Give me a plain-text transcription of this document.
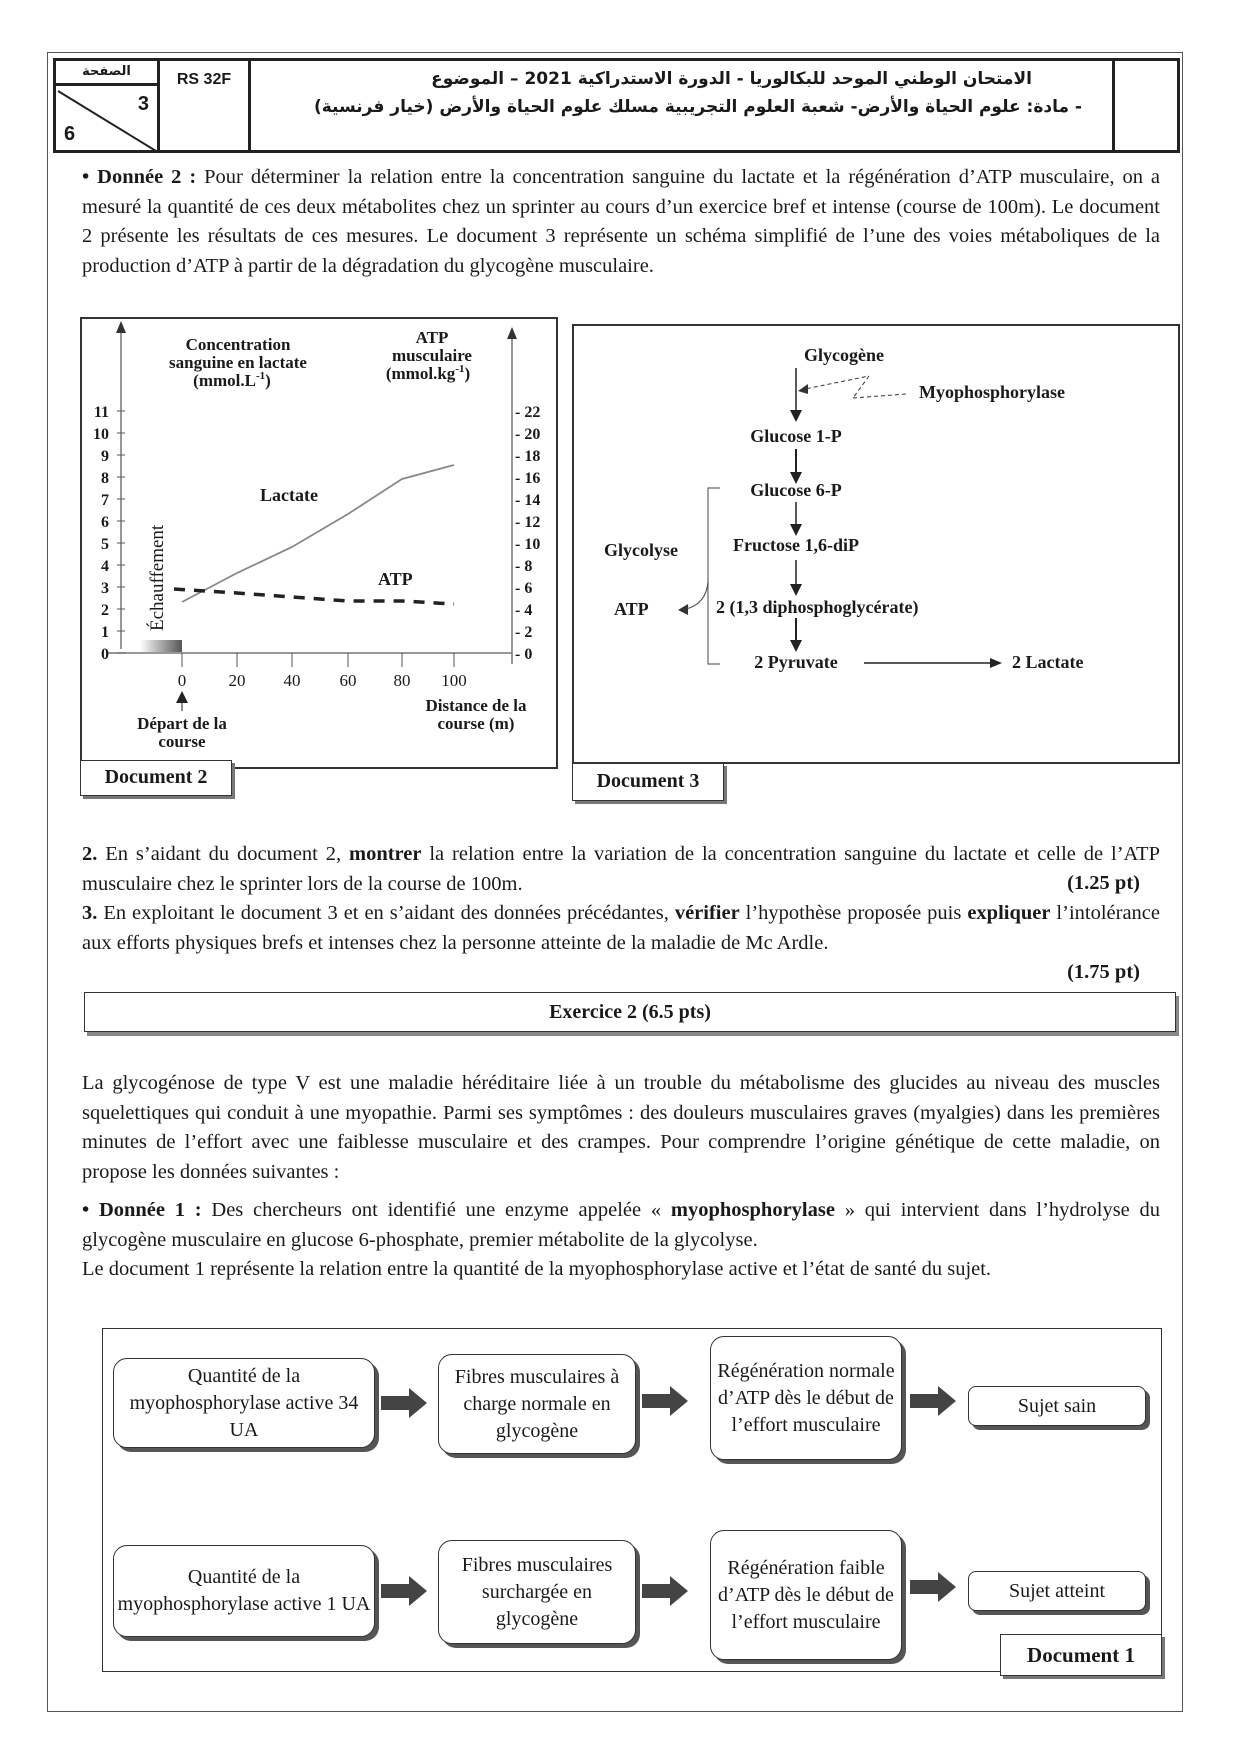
الصفحة
3
6
RS 32F	الامتحان الوطني الموحد للبكالوريا - الدورة الاستدراكية 2021 – الموضوع
- مادة: علوم الحياة والأرض- شعبة العلوم التجريبية مسلك علوم الحياة والأرض (خيار فرنسية)
• Donnée 2 : Pour déterminer la relation entre la concentration sanguine du lactate et la régénération d’ATP musculaire, on a mesuré la quantité de ces deux métabolites chez un sprinter au cours d’un exercice bref et intense (course de 100m). Le document 2 présente les résultats de ces mesures. Le document 3 représente un schéma simplifié de l’une des voies métaboliques de la production d’ATP à partir de la dégradation du glycogène musculaire.
0
1
2
3
4
5
6
7
8
9
10
11
- 0
- 2
- 4
- 6
- 8
- 10
- 12
- 14
- 16
- 18
- 20
- 22
0 20 40 60 80 100
Échauffement
Lactate
ATP
Concentration
sanguine en lactate
$(mmol.L^{-1})$
ATP
musculaire
$(mmol.kg^{-1})$
Départ de la
course
Distance de la
course (m)
Document 2
Glycogène
Myophosphorylase
Glucose 1-P
Glucose 6-P
Fructose 1,6-diP
2 (1,3 diphosphoglycérate)
2 Pyruvate	2 Lactate
Glycolyse
ATP
Document 3
2. En s’aidant du document 2, montrer la relation entre la variation de la concentration sanguine du lactate et celle de l’ATP musculaire chez le sprinter lors de la course de 100m.	(1.25 pt)
3. En exploitant le document 3 et en s’aidant des données précédantes, vérifier l’hypothèse proposée puis expliquer l’intolérance aux efforts physiques brefs et intenses chez la personne atteinte de la maladie de Mc Ardle.
(1.75 pt)
Exercice 2 (6.5 pts)
La glycogénose de type V est une maladie héréditaire liée à un trouble du métabolisme des glucides au niveau des muscles squelettiques qui conduit à une myopathie. Parmi ses symptômes : des douleurs musculaires graves (myalgies) dans les premières minutes de l’effort avec une faiblesse musculaire et des crampes. Pour comprendre l’origine génétique de cette maladie, on propose les données suivantes :
• Donnée 1 : Des chercheurs ont identifié une enzyme appelée « myophosphorylase » qui intervient dans l’hydrolyse du glycogène musculaire en glucose 6-phosphate, premier métabolite de la glycolyse.
Le document 1 représente la relation entre la quantité de la myophosphorylase active et l’état de santé du sujet.
Quantité de la myophosphorylase active 34 UA
Fibres musculaires à charge normale en glycogène
Régénération normale d’ATP dès le début de l’effort musculaire
Sujet sain
Quantité de la myophosphorylase active 1 UA
Fibres musculaires surchargée en glycogène
Régénération faible d’ATP dès le début de l’effort musculaire
Sujet atteint
Document 1
